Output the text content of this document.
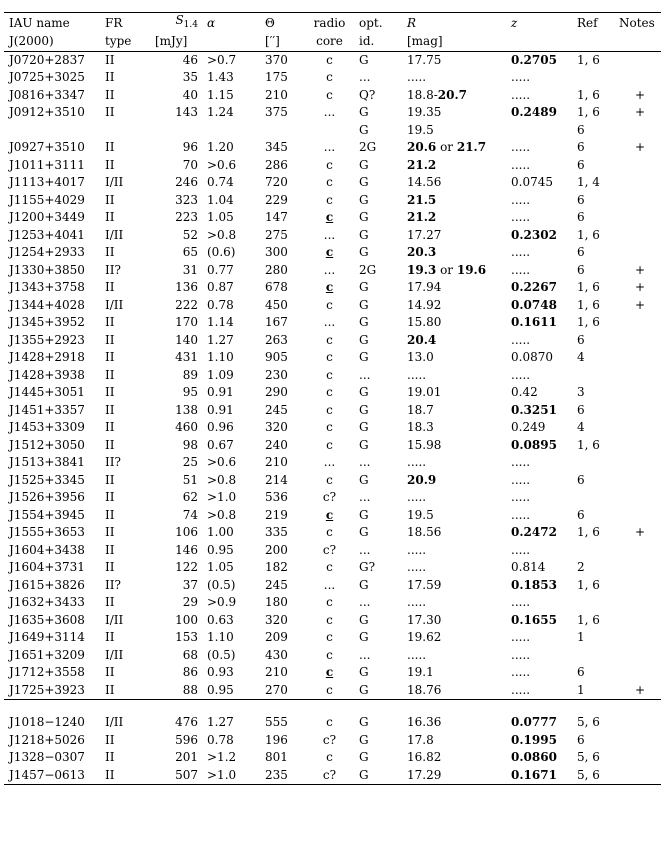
IAU name	FR	$S_{1.4}$	α	Θ	radio	opt.	R	z	Ref	Notes
J(2000)	type	[mJy]		[′′]	core	id.	[mag]			
J0720+2837	II	46	>0.7	370	c	G	17.75	0.2705	1, 6	
J0725+3025	II	35	1.43	175	c	...	.....	.....		
J0816+3347	II	40	1.15	210	c	Q?	18.8-20.7	.....	1, 6	+
J0912+3510	II	143	1.24	375	...	G	19.35	0.2489	1, 6	+
						G	19.5		6	
J0927+3510	II	96	1.20	345	...	2G	20.6 or 21.7	.....	6	+
J1011+3111	II	70	>0.6	286	c	G	21.2	.....	6	
J1113+4017	I/II	246	0.74	720	c	G	14.56	0.0745	1, 4	
J1155+4029	II	323	1.04	229	c	G	21.5	.....	6	
J1200+3449	II	223	1.05	147	c	G	21.2	.....	6	
J1253+4041	I/II	52	>0.8	275	...	G	17.27	0.2302	1, 6	
J1254+2933	II	65	(0.6)	300	c	G	20.3	.....	6	
J1330+3850	II?	31	0.77	280	...	2G	19.3 or 19.6	.....	6	+
J1343+3758	II	136	0.87	678	c	G	17.94	0.2267	1, 6	+
J1344+4028	I/II	222	0.78	450	c	G	14.92	0.0748	1, 6	+
J1345+3952	II	170	1.14	167	...	G	15.80	0.1611	1, 6	
J1355+2923	II	140	1.27	263	c	G	20.4	.....	6	
J1428+2918	II	431	1.10	905	c	G	13.0	0.0870	4	
J1428+3938	II	89	1.09	230	c	...	.....	.....		
J1445+3051	II	95	0.91	290	c	G	19.01	0.42	3	
J1451+3357	II	138	0.91	245	c	G	18.7	0.3251	6	
J1453+3309	II	460	0.96	320	c	G	18.3	0.249	4	
J1512+3050	II	98	0.67	240	c	G	15.98	0.0895	1, 6	
J1513+3841	II?	25	>0.6	210	...	...	.....	.....		
J1525+3345	II	51	>0.8	214	c	G	20.9	.....	6	
J1526+3956	II	62	>1.0	536	c?	...	.....	.....		
J1554+3945	II	74	>0.8	219	c	G	19.5	.....	6	
J1555+3653	II	106	1.00	335	c	G	18.56	0.2472	1, 6	+
J1604+3438	II	146	0.95	200	c?	...	.....	.....		
J1604+3731	II	122	1.05	182	c	G?	.....	0.814	2	
J1615+3826	II?	37	(0.5)	245	...	G	17.59	0.1853	1, 6	
J1632+3433	II	29	>0.9	180	c	...	.....	.....		
J1635+3608	I/II	100	0.63	320	c	G	17.30	0.1655	1, 6	
J1649+3114	II	153	1.10	209	c	G	19.62	.....	1	
J1651+3209	I/II	68	(0.5)	430	c	...	.....	.....		
J1712+3558	II	86	0.93	210	c	G	19.1	.....	6	
J1725+3923	II	88	0.95	270	c	G	18.76	.....	1	+

J1018−1240	I/II	476	1.27	555	c	G	16.36	0.0777	5, 6	
J1218+5026	II	596	0.78	196	c?	G	17.8	0.1995	6	
J1328−0307	II	201	>1.2	801	c	G	16.82	0.0860	5, 6	
J1457−0613	II	507	>1.0	235	c?	G	17.29	0.1671	5, 6	
